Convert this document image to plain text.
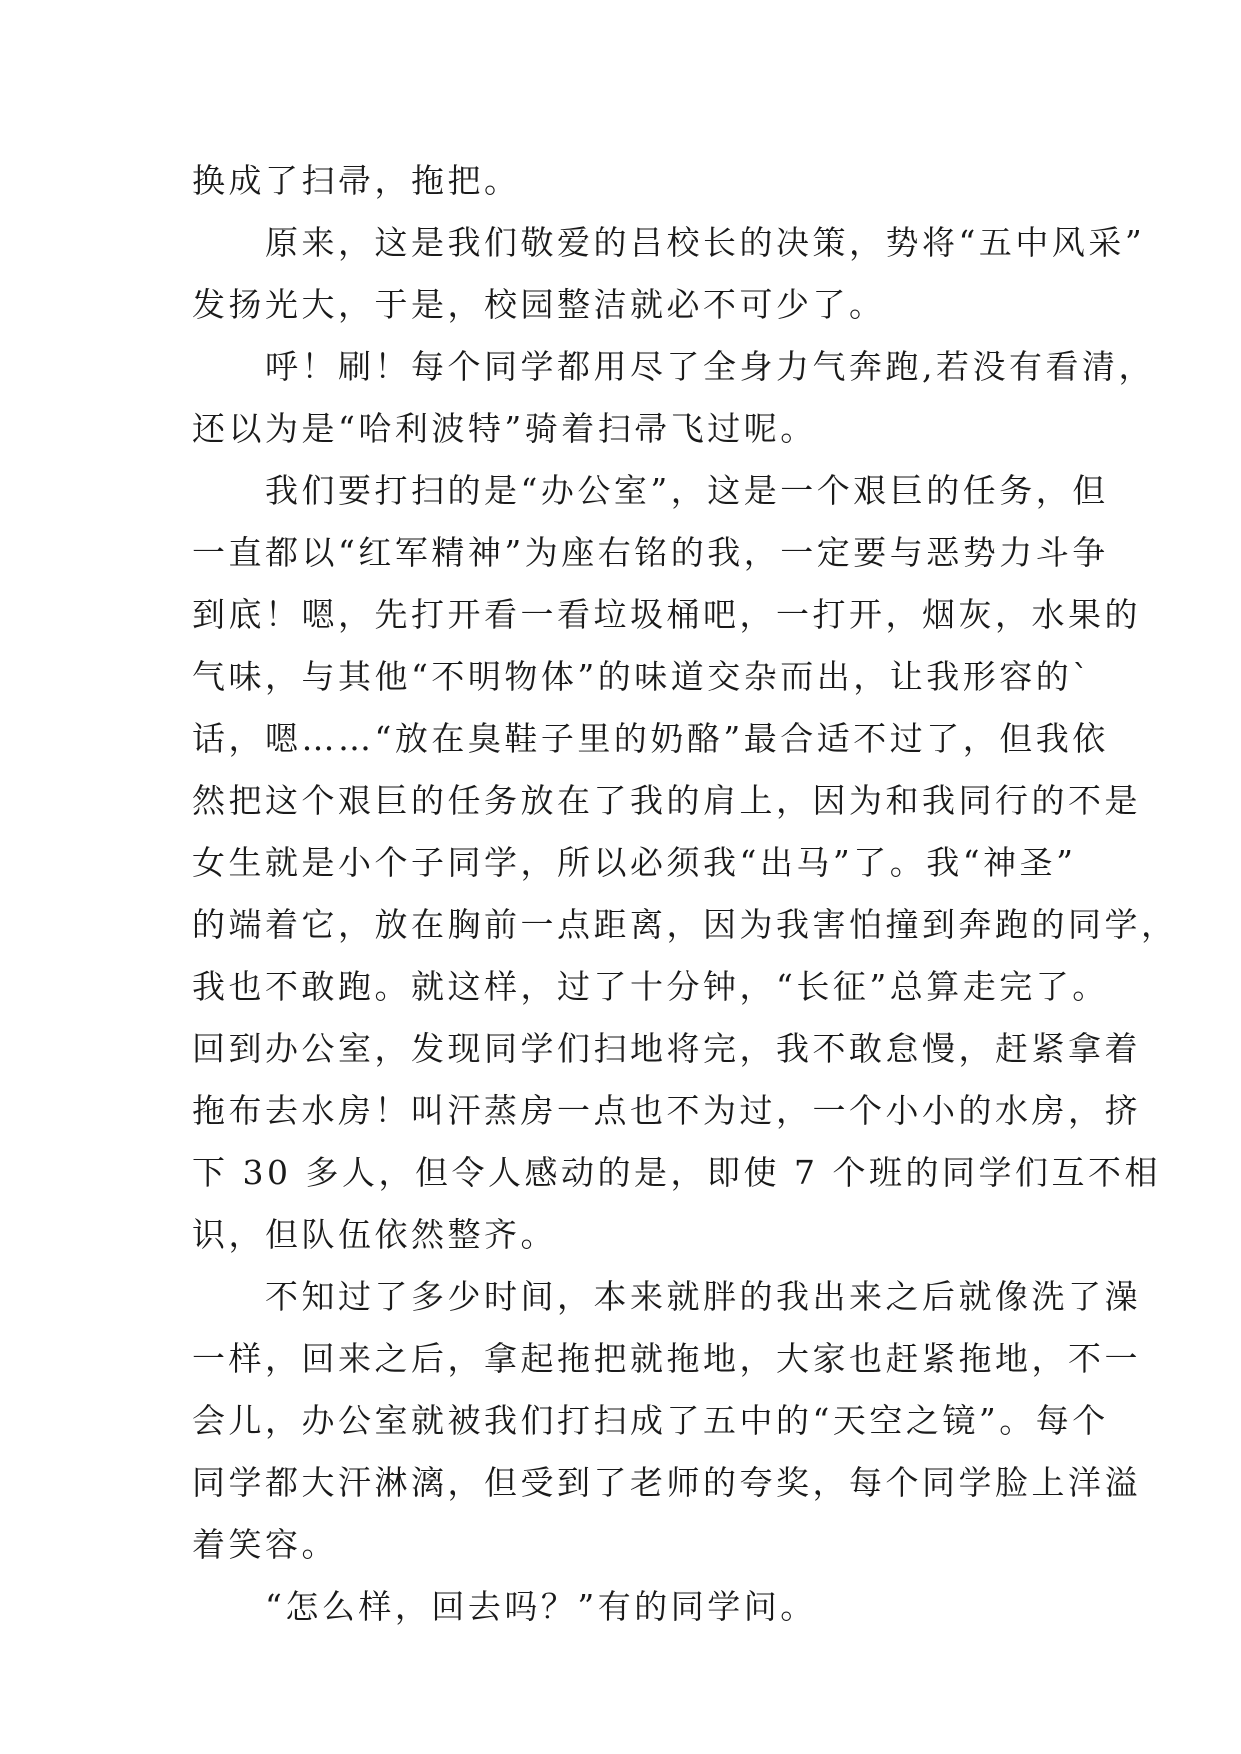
换成了扫帚，拖把。
　　原来，这是我们敬爱的吕校长的决策，势将“五中风采”
发扬光大，于是，校园整洁就必不可少了。
　　呼！刷！每个同学都用尽了全身力气奔跑,若没有看清，
还以为是“哈利波特”骑着扫帚飞过呢。
　　我们要打扫的是“办公室”，这是一个艰巨的任务，但
一直都以“红军精神”为座右铭的我，一定要与恶势力斗争
到底！嗯，先打开看一看垃圾桶吧，一打开，烟灰，水果的
气味，与其他“不明物体”的味道交杂而出，让我形容的`
话，嗯……“放在臭鞋子里的奶酪”最合适不过了，但我依
然把这个艰巨的任务放在了我的肩上，因为和我同行的不是
女生就是小个子同学，所以必须我“出马”了。我“神圣”
的端着它，放在胸前一点距离，因为我害怕撞到奔跑的同学，
我也不敢跑。就这样，过了十分钟，“长征”总算走完了。
回到办公室，发现同学们扫地将完，我不敢怠慢，赶紧拿着
拖布去水房！叫汗蒸房一点也不为过，一个小小的水房，挤
下 30 多人，但令人感动的是，即使 7 个班的同学们互不相
识，但队伍依然整齐。
　　不知过了多少时间，本来就胖的我出来之后就像洗了澡
一样，回来之后，拿起拖把就拖地，大家也赶紧拖地，不一
会儿，办公室就被我们打扫成了五中的“天空之镜”。每个
同学都大汗淋漓，但受到了老师的夸奖，每个同学脸上洋溢
着笑容。
　　“怎么样，回去吗？”有的同学问。
